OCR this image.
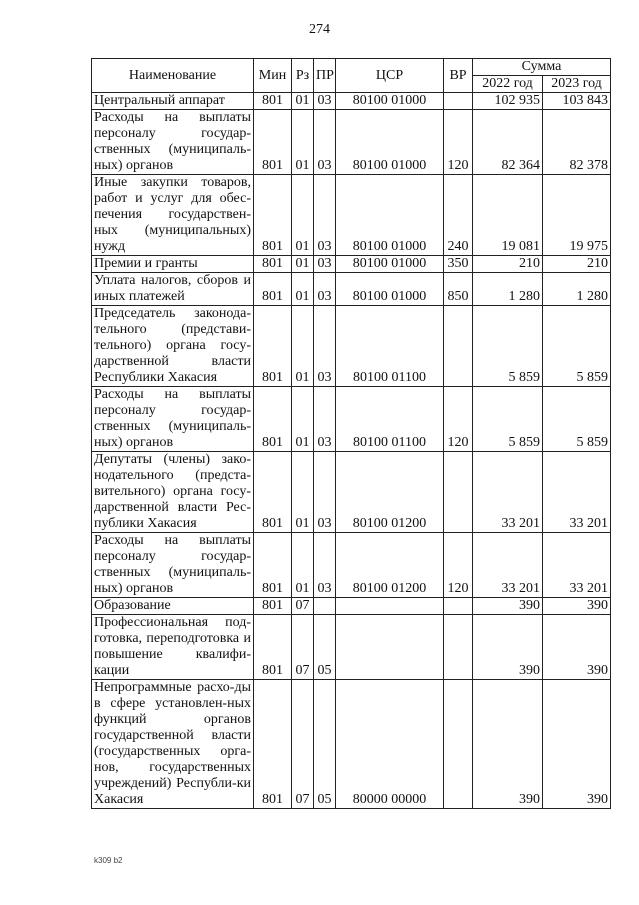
274
Наименование	Мин	Рз	ПР	ЦСР	ВР	Сумма	
						2022 год	2023 год
Центральный аппарат	801	01	03	80100 01000		102 935	103 843
Расходы на выплаты персоналу государ-ственных (муниципаль-ных) органов	801	01	03	80100 01000	120	82 364	82 378
Иные закупки товаров, работ и услуг для обес-печения государствен-ных (муниципальных) нужд	801	01	03	80100 01000	240	19 081	19 975
Премии и гранты	801	01	03	80100 01000	350	210	210
Уплата налогов, сборов и иных платежей	801	01	03	80100 01000	850	1 280	1 280
Председатель законода-тельного (представи-тельного) органа госу-дарственной власти Республики Хакасия	801	01	03	80100 01100		5 859	5 859
Расходы на выплаты персоналу государ-ственных (муниципаль-ных) органов	801	01	03	80100 01100	120	5 859	5 859
Депутаты (члены) зако-нодательного (предста-вительного) органа госу-дарственной власти Рес-публики Хакасия	801	01	03	80100 01200		33 201	33 201
Расходы на выплаты персоналу государ-ственных (муниципаль-ных) органов	801	01	03	80100 01200	120	33 201	33 201
Образование	801	07				390	390
Профессиональная под-готовка, переподготовка и повышение квалифи-кации	801	07	05			390	390
Непрограммные расхо-ды в сфере установлен-ных функций органов государственной власти (государственных орга-нов, государственных учреждений) Республи-ки Хакасия	801	07	05	80000 00000		390	390
k309 b2
